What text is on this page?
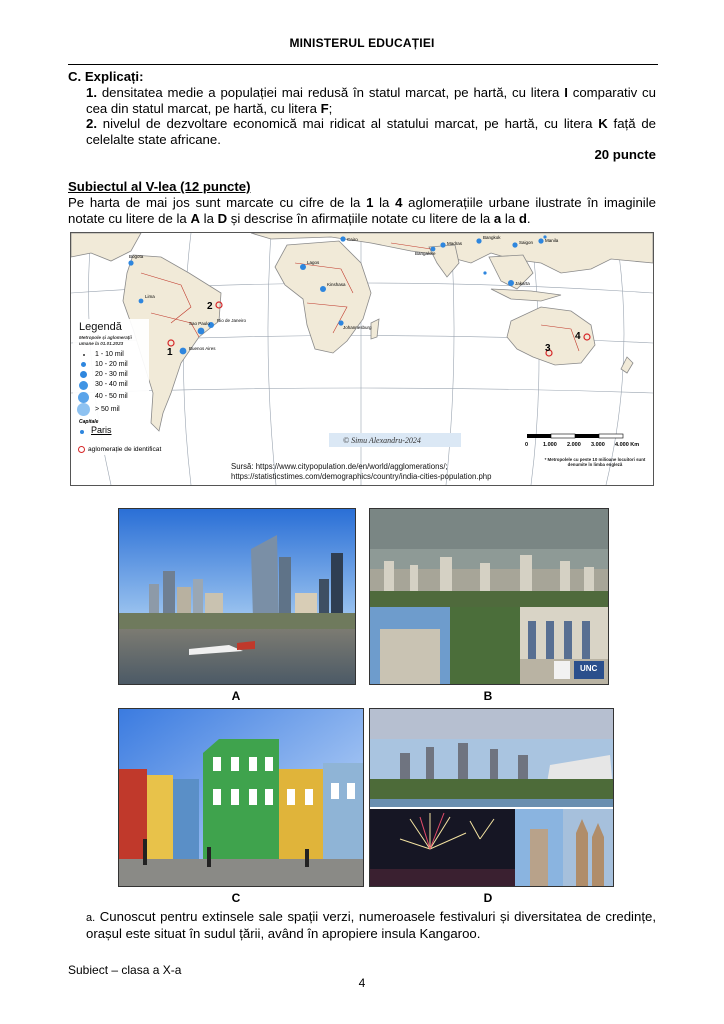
MINISTERUL EDUCAȚIEI
C. Explicați:
1. densitatea medie a populației mai redusă în statul marcat, pe hartă, cu litera I comparativ cu cea din statul marcat, pe hartă, cu litera F;
2. nivelul de dezvoltare economică mai ridicat al statului marcat, pe hartă, cu litera K față de celelalte state africane.
20 puncte
Subiectul al V-lea (12 puncte)
Pe harta de mai jos sunt marcate cu cifre de la 1 la 4 aglomerațiile urbane ilustrate în imaginile notate cu litere de la A la D și descrise în afirmațiile notate cu litere de la a la d.
Bogota
Lima
Sao Paulo
Rio de Janeiro
Buenos Aires
Lagos
Kinshasa
Johannesburg
Cairo
Madras
Bangalore
Bangkok
Saigon	Manila
Jakarta
1
2
3
4
© Simu Alexandru-2024	0	1.000 2.000 3.000 4.000 Km
Legendă
Metropole și aglomerații umane la 01.01.2023
1 - 10 mil
10 - 20 mil
20 - 30 mil
30 - 40 mil
40 - 50 mil
> 50 mil
Capitale
Paris
aglomerație de identificat
* Metropolele cu peste 10 milioane locuitori sunt denumite în limba engleză
Sursă: https://www.citypopulation.de/en/world/agglomerations/;
https://statisticstimes.com/demographics/country/india-cities-population.php
UNC
A	B
C	D
a. Cunoscut pentru extinsele sale spații verzi, numeroasele festivaluri și diversitatea de credințe, orașul este situat în sudul țării, având în apropiere insula Kangaroo.
Subiect – clasa a X-a
4
